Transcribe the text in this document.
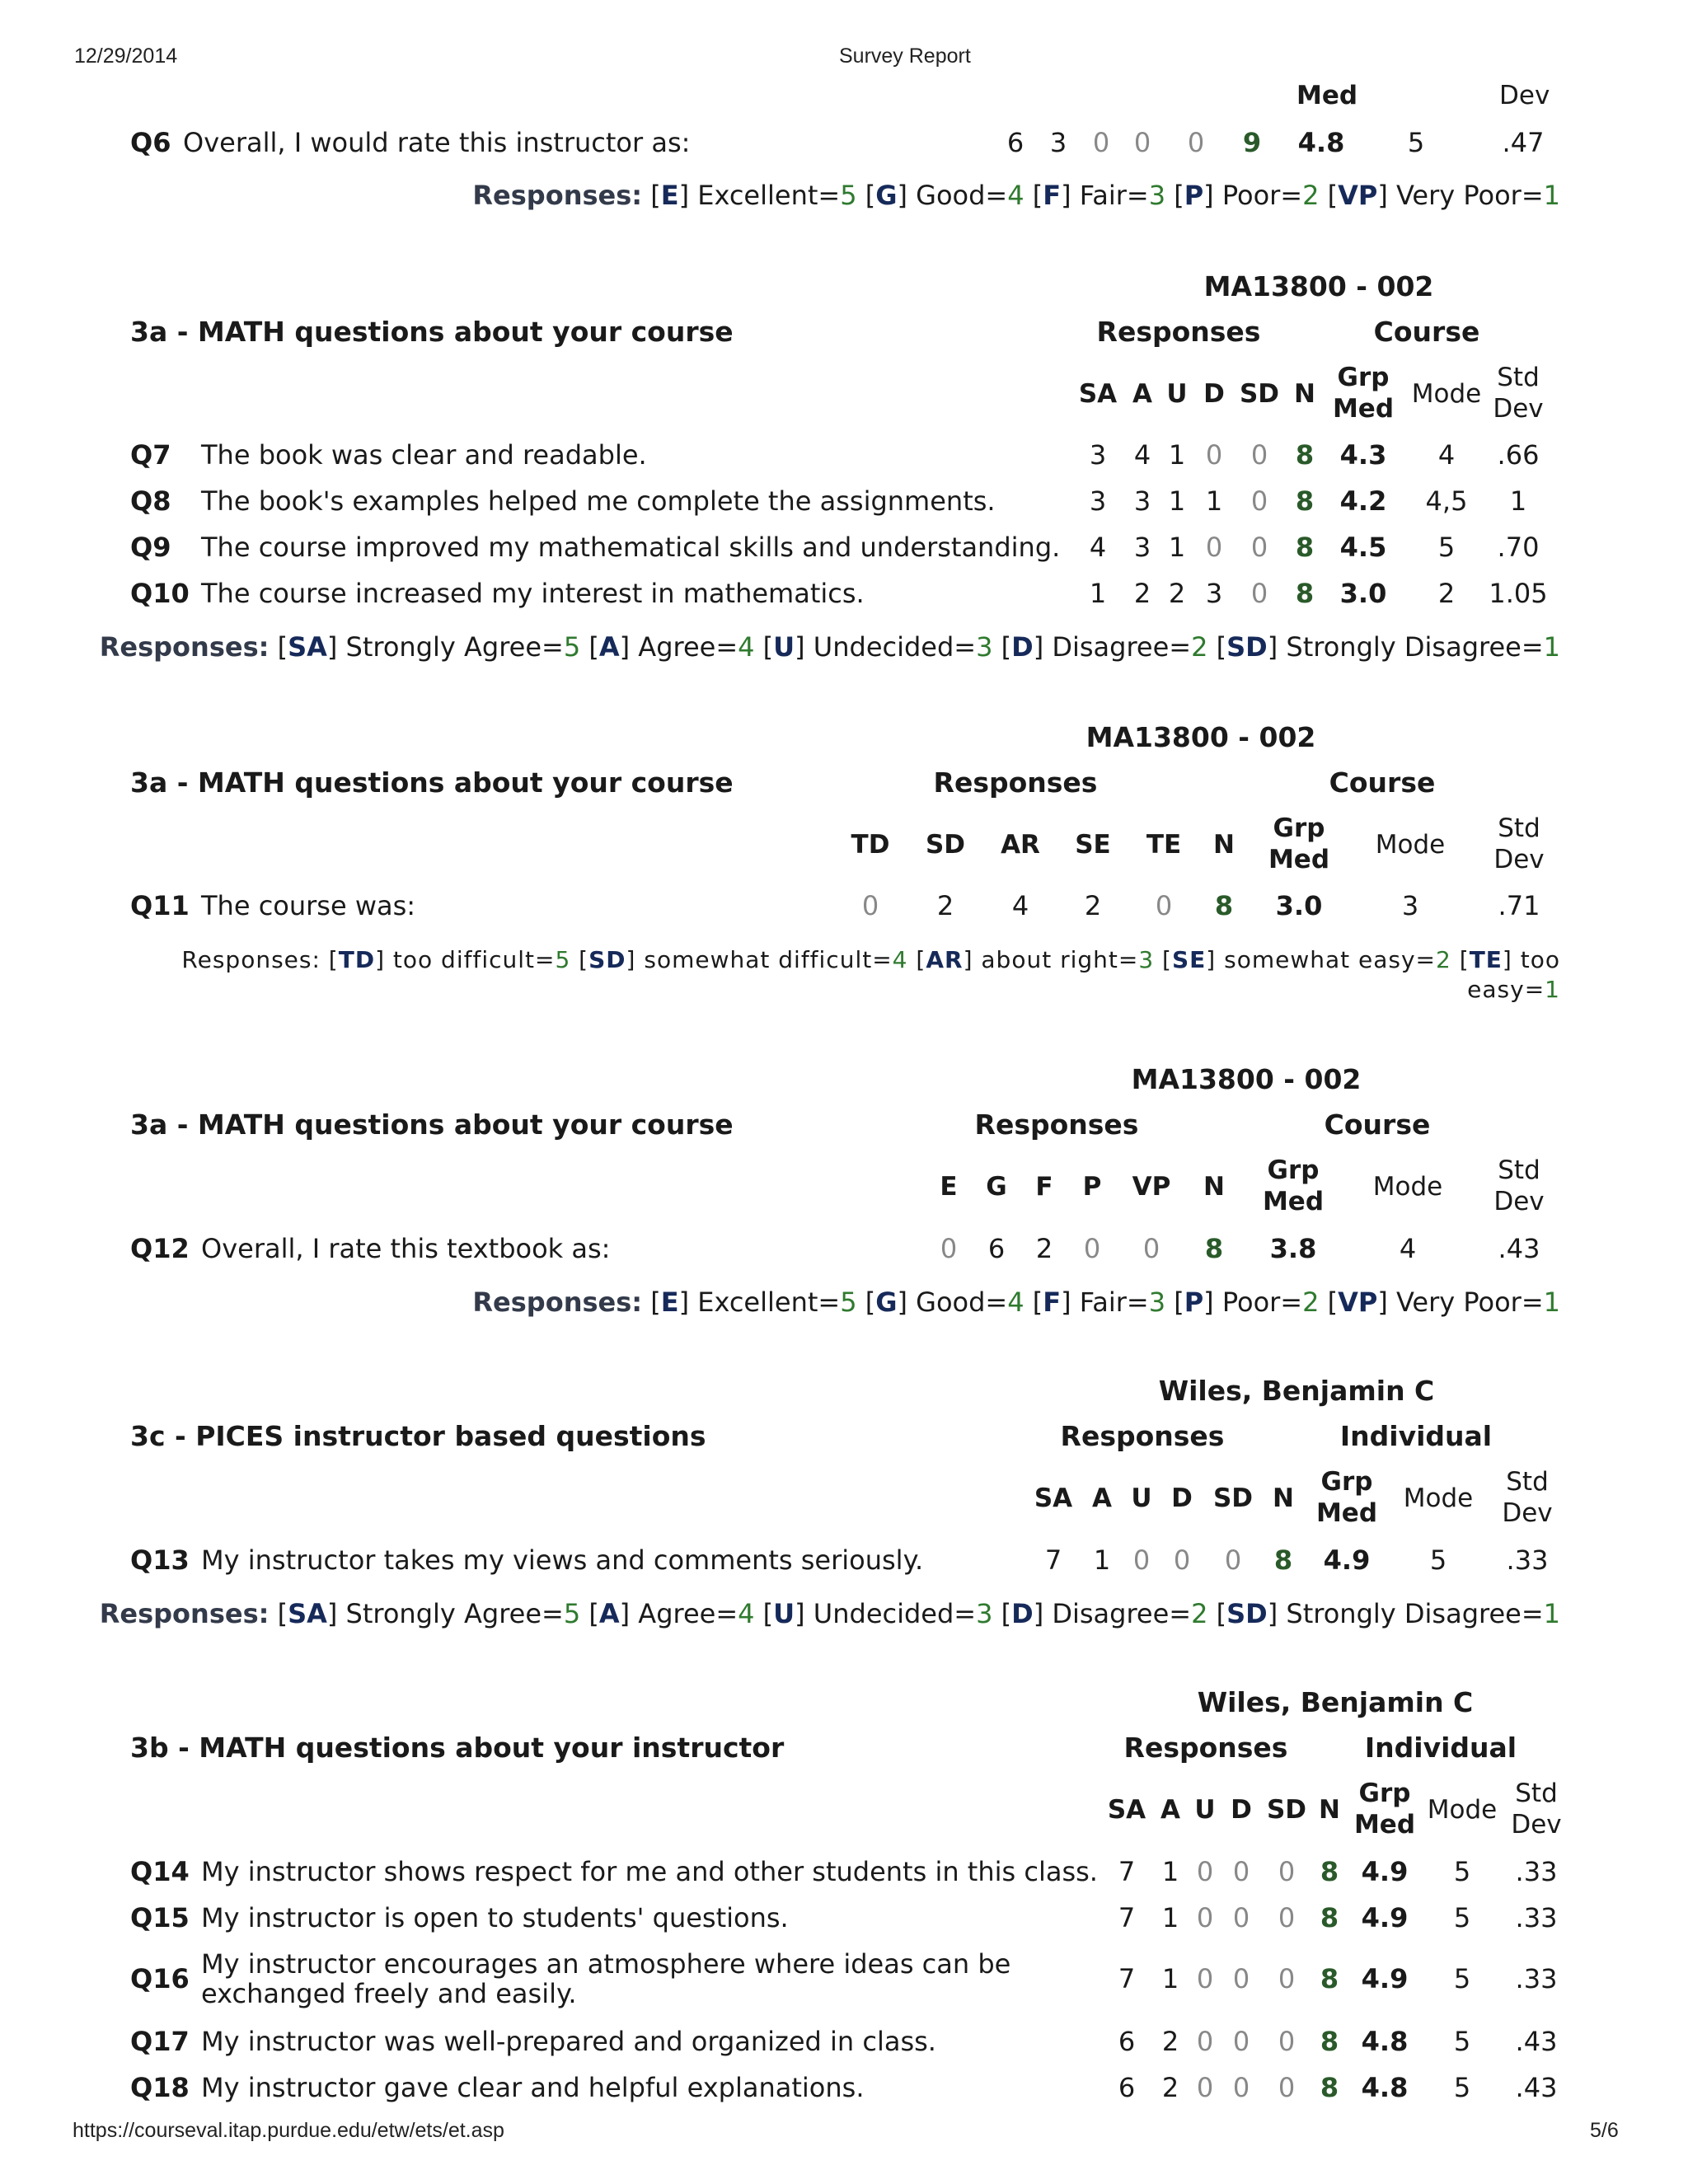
12/29/2014	Survey Report
https://courseval.itap.purdue.edu/etw/ets/et.asp	5/6
Med	Dev
Q6 Overall, I would rate this instructor as:	6 3 0 0	0	9	4.8	5	.47
Responses: [E] Excellent=5 [G] Good=4 [F] Fair=3 [P] Poor=2 [VP] Very Poor=1
MA13800 - 002
3a - MATH questions about your course	Responses	Course
SA A U D SD N
Grp
Med Mode
Std
Dev
Q7 The book was clear and readable.	3	4 1 0	0	8 4.3	4	.66
Q8 The book's examples helped me complete the assignments.	3	3 1 1	0	8 4.2	4,5	1
Q9 The course improved my mathematical skills and understanding.	4	3 1 0	0	8 4.5	5	.70
Q10 The course increased my interest in mathematics.	1	2 2 3	0	8 3.0	2	1.05
Responses: [SA] Strongly Agree=5 [A] Agree=4 [U] Undecided=3 [D] Disagree=2 [SD] Strongly Disagree=1
MA13800 - 002
3a - MATH questions about your course	Responses	Course
TD	SD	AR	SE	TE	N
Grp
Med	Mode
Std
Dev
Q11 The course was:	0	2	4	2	0	8	3.0	3	.71
Responses: [TD] too difficult=5 [SD] somewhat difficult=4 [AR] about right=3 [SE] somewhat easy=2 [TE] too
easy=1
MA13800 - 002
3a - MATH questions about your course	Responses	Course
E	G	F	P	VP	N
Grp
Med	Mode
Std
Dev
Q12 Overall, I rate this textbook as:	0	6	2	0	0	8	3.8	4	.43
Responses: [E] Excellent=5 [G] Good=4 [F] Fair=3 [P] Poor=2 [VP] Very Poor=1
Wiles, Benjamin C
3c - PICES instructor based questions	Responses	Individual
SA A U D SD N
Grp
Med	Mode
Std
Dev
Q13 My instructor takes my views and comments seriously.	7	1 0 0	0	8	4.9	5	.33
Responses: [SA] Strongly Agree=5 [A] Agree=4 [U] Undecided=3 [D] Disagree=2 [SD] Strongly Disagree=1
Wiles, Benjamin C
3b - MATH questions about your instructor	Responses	Individual
SA A U D SD N
Grp
Med Mode
Std
Dev
Q14 My instructor shows respect for me and other students in this class. 7	1 0 0	0 8 4.9	5	.33
Q15 My instructor is open to students' questions.	7	1 0 0	0 8 4.9	5	.33
Q16 My instructor encourages an atmosphere where ideas can be
exchanged freely and easily.	7	1 0 0	0 8 4.9	5	.33
Q17 My instructor was well-prepared and organized in class.	6	2 0 0	0 8 4.8	5	.43
Q18 My instructor gave clear and helpful explanations.	6	2 0 0	0 8 4.8	5	.43
